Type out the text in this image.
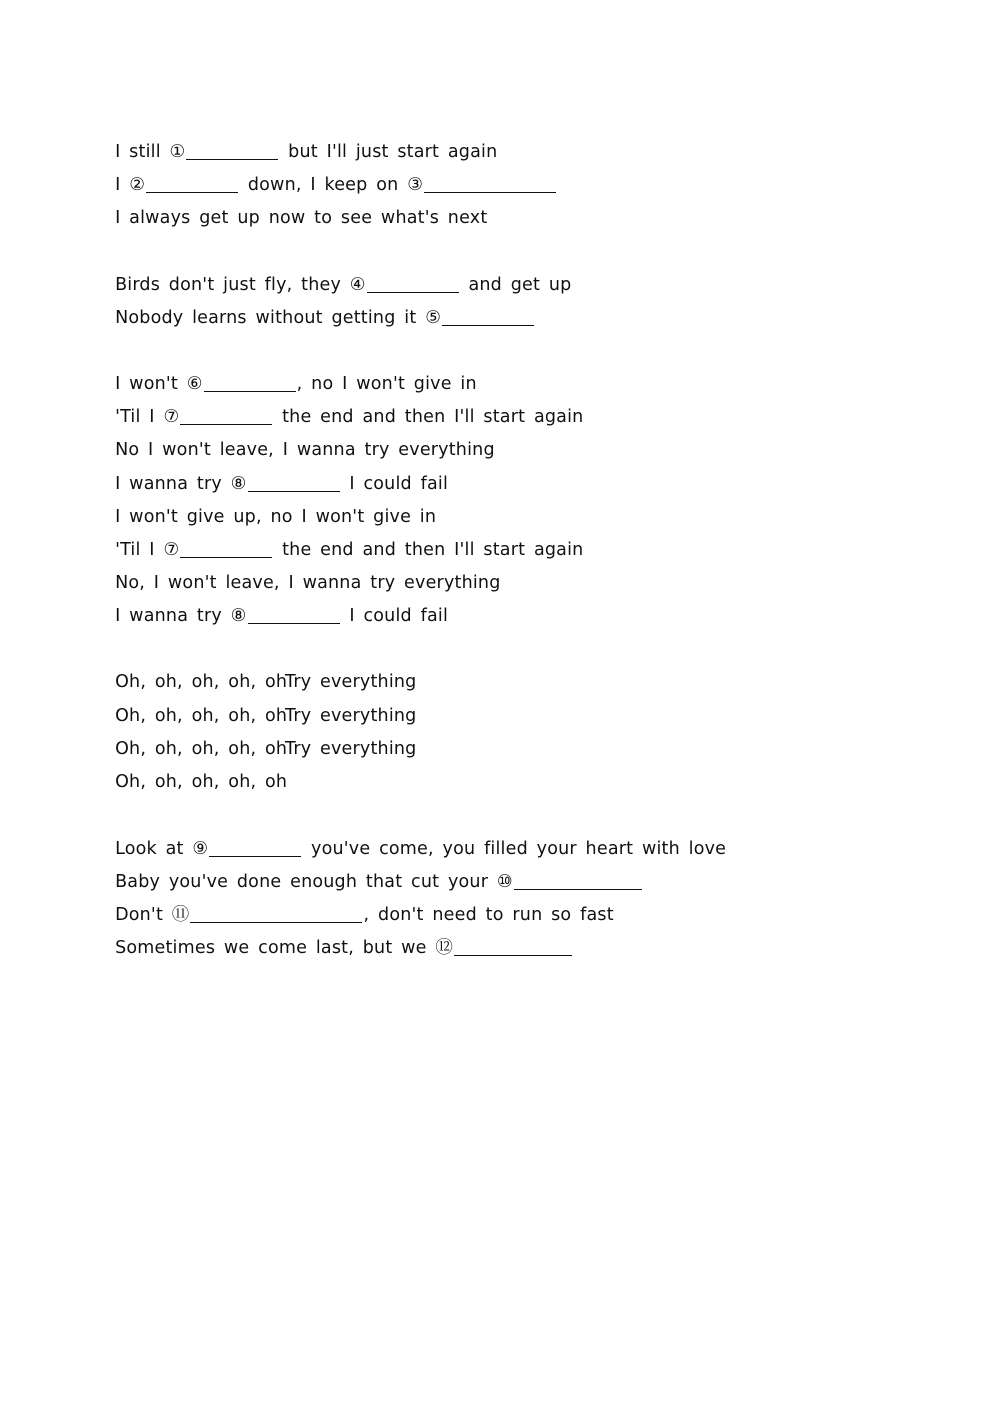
I still ①	but I'll just start again

I ②	down, I keep on ③

I always get up now to see what's next

Birds don't just fly, they ④	and get up

Nobody learns without getting it ⑤

I won't ⑥	, no I won't give in

'Til I ⑦	the end and then I'll start again

No I won't leave, I wanna try everything

I wanna try ⑧	I could fail

I won't give up, no I won't give in

'Til I ⑦	the end and then I'll start again

No, I won't leave, I wanna try everything

I wanna try ⑧	I could fail

Oh, oh, oh, oh, oh
Try everything

Oh, oh, oh, oh, oh
Try everything

Oh, oh, oh, oh, oh
Try everything

Oh, oh, oh, oh, oh

Look at ⑨	you've come, you filled your heart with love

Baby you've done enough that cut your ⑩

Don't ⑪	, don't need to run so fast

Sometimes we come last, but we ⑫
